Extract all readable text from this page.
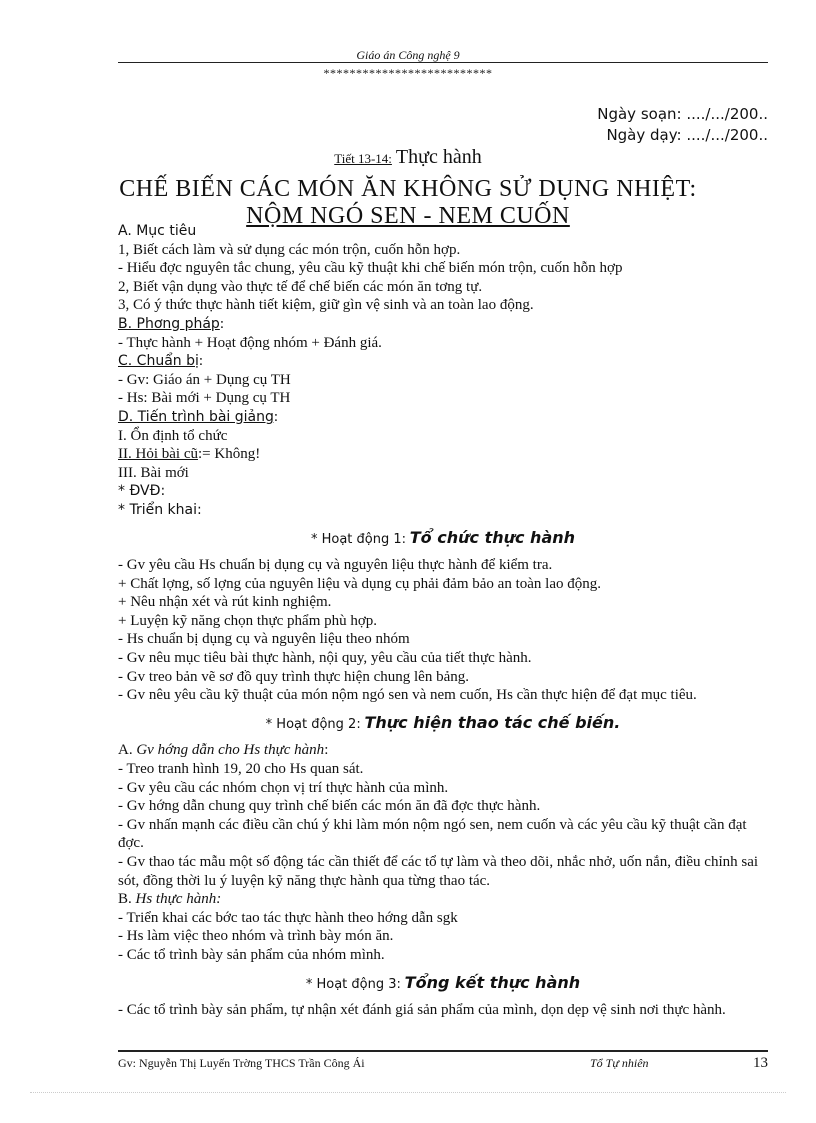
Giáo án Công nghệ 9
**************************
Ngày soạn: ..../.../200..
Ngày dạy: ..../.../200..
Tiết 13-14: Thực hành
CHẾ BIẾN CÁC MÓN ĂN KHÔNG SỬ DỤNG NHIỆT:
NỘM NGÓ SEN - NEM CUỐN
A. Mục tiêu
1, Biết cách làm và sử dụng các món trộn, cuốn hỗn hợp.
- Hiểu đợc nguyên tắc chung, yêu cầu kỹ thuật khi chế biến món trộn, cuốn hỗn hợp
2, Biết vận dụng vào thực tế để chế biến các món ăn tơng tự.
3, Có ý thức thực hành tiết kiệm, giữ gìn vệ sinh và an toàn lao động.
B. Phơng pháp:
- Thực hành + Hoạt động nhóm + Đánh giá.
C. Chuẩn bị:
- Gv: Giáo án + Dụng cụ TH
- Hs: Bài mới + Dụng cụ TH
D. Tiến trình bài giảng:
I. Ổn định tổ chức
II. Hỏi bài cũ:= Không!
III. Bài mới
* ĐVĐ:
* Triển khai:
* Hoạt động 1: Tổ chức thực hành
- Gv yêu cầu Hs chuẩn bị dụng cụ và nguyên liệu thực hành để kiểm tra.
+ Chất lợng, số lợng của nguyên liệu và dụng cụ phải đảm bảo an toàn lao động.
+ Nêu nhận xét và rút kinh nghiệm.
+ Luyện kỹ năng chọn thực phẩm phù hợp.
- Hs chuẩn bị dụng cụ và nguyên liệu theo nhóm
- Gv nêu mục tiêu bài thực hành, nội quy, yêu cầu của tiết thực hành.
- Gv treo bản vẽ sơ đồ quy trình thực hiện chung lên bảng.
- Gv nêu yêu cầu kỹ thuật của món nộm ngó sen và nem cuốn, Hs cần thực hiện để đạt mục tiêu.
* Hoạt động 2: Thực hiện thao tác chế biến.
A. Gv hớng dẫn cho Hs thực hành:
- Treo tranh hình 19, 20 cho Hs quan sát.
- Gv yêu cầu các nhóm chọn vị trí thực hành của mình.
- Gv hớng dẫn chung quy trình chế biến các món ăn đã đợc thực hành.
- Gv nhấn mạnh các điều cần chú ý khi làm món nộm ngó sen, nem cuốn và các yêu cầu kỹ thuật cần đạt đợc.
- Gv thao tác mẫu một số động tác cần thiết để các tổ tự làm và theo dõi, nhắc nhở, uốn nắn, điều chỉnh sai sót, đồng thời lu ý luyện kỹ năng thực hành qua từng thao tác.
B. Hs thực hành:
- Triển khai các bớc tao tác thực hành theo hớng dẫn sgk
- Hs làm việc theo nhóm và trình bày món ăn.
- Các tổ trình bày sản phẩm của nhóm mình.
* Hoạt động 3: Tổng kết thực hành
- Các tổ trình bày sản phẩm, tự nhận xét đánh giá sản phẩm của mình, dọn dẹp vệ sinh nơi thực hành.
Gv: Nguyễn Thị Luyến Trờng THCS Trần Công Ái	Tổ Tự nhiên	13
